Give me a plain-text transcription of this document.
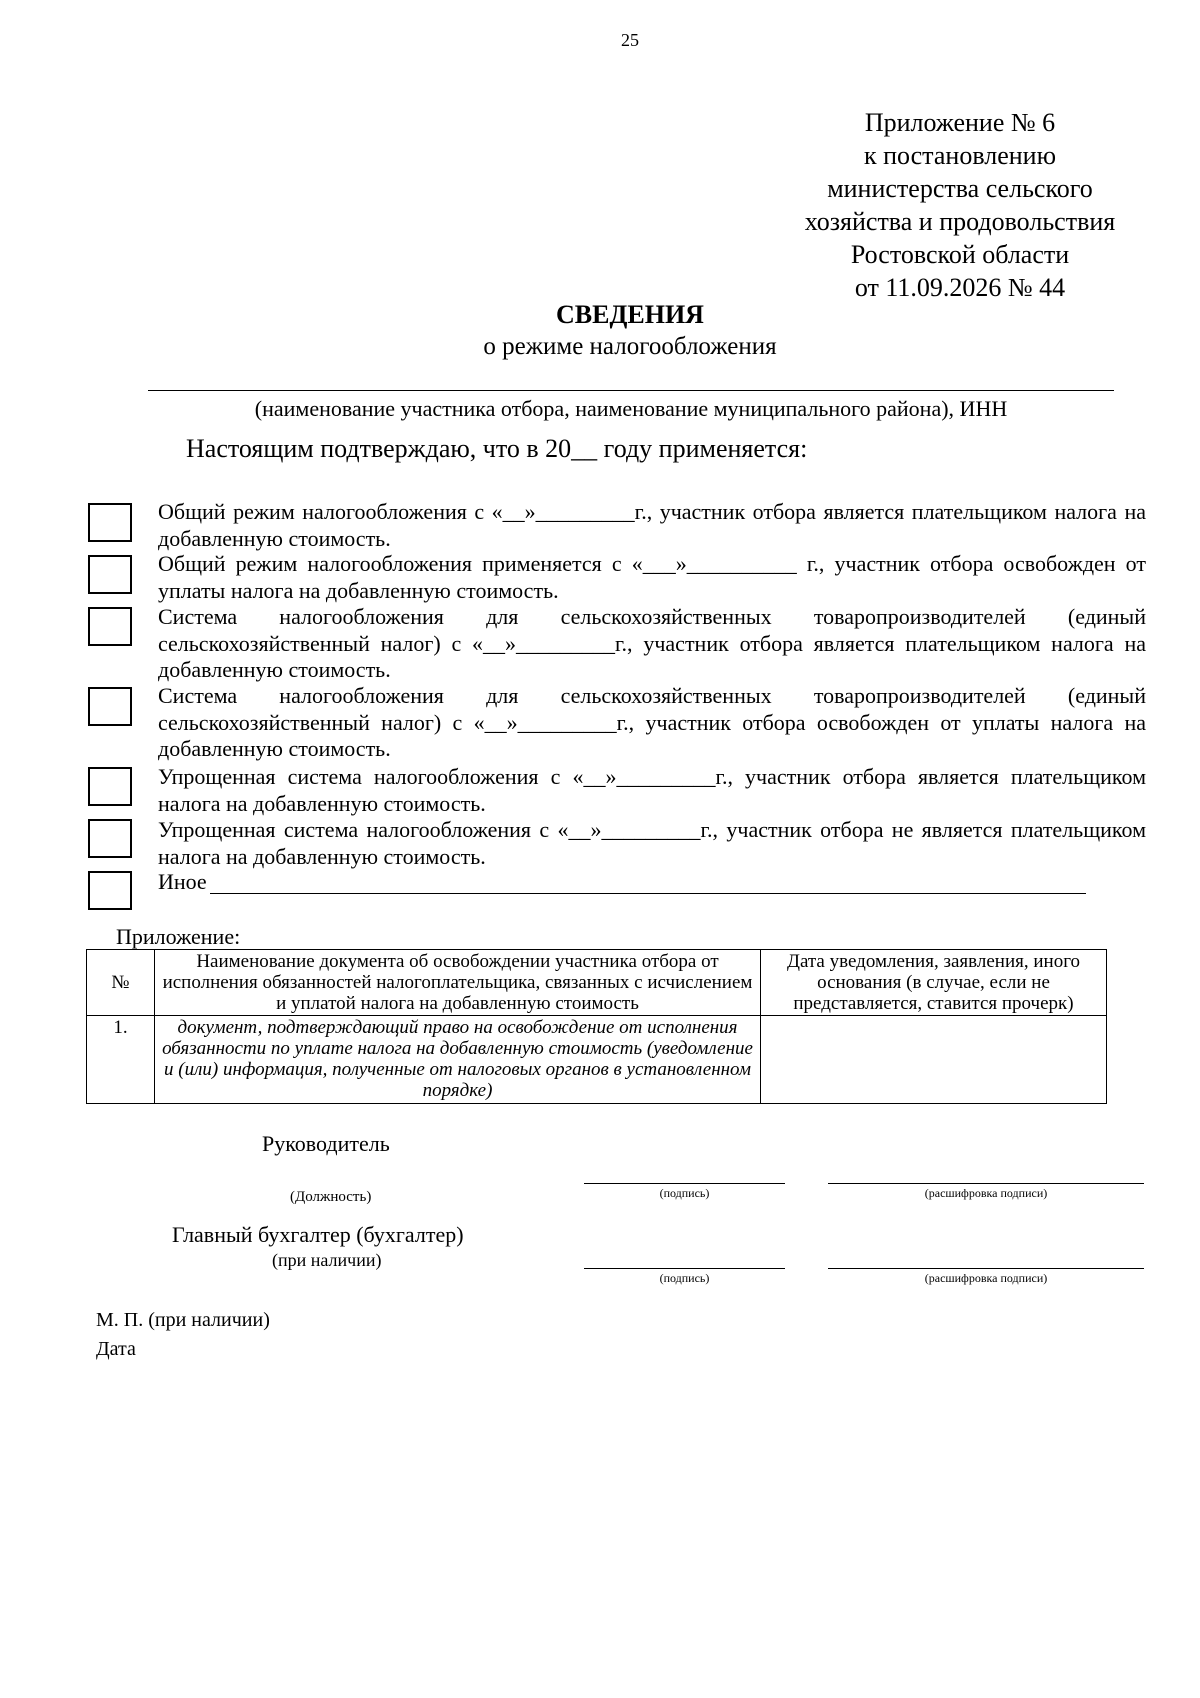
25
Приложение № 6
к постановлению
министерства сельского
хозяйства и продовольствия
Ростовской области
от 11.09.2026 № 44
СВЕДЕНИЯ
о режиме налогообложения
(наименование участника отбора, наименование муниципального района), ИНН
Настоящим подтверждаю, что в 20__ году применяется:
Общий режим налогообложения с «__»_________г., участник отбора является плательщиком налога на добавленную стоимость.
Общий режим налогообложения применяется с «___»__________ г., участник отбора освобожден от уплаты налога на добавленную стоимость.
Система налогообложения для сельскохозяйственных товаропроизводителей (единый сельскохозяйственный налог) с «__»_________г., участник отбора является плательщиком налога на добавленную стоимость.
Система налогообложения для сельскохозяйственных товаропроизводителей (единый сельскохозяйственный налог) с «__»_________г., участник отбора освобожден от уплаты налога на добавленную стоимость.
Упрощенная система налогообложения с «__»_________г., участник отбора является плательщиком налога на добавленную стоимость.
Упрощенная система налогообложения с «__»_________г., участник отбора не является плательщиком налога на добавленную стоимость.
Иное
Приложение:
№	Наименование документа об освобождении участника отбора от исполнения обязанностей налогоплательщика, связанных с исчислением и уплатой налога на добавленную стоимость	Дата уведомления, заявления, иного основания (в случае, если не представляется, ставится прочерк)
1.	документ, подтверждающий право на освобождение от исполнения обязанности по уплате налога на добавленную стоимость (уведомление и (или) информация, полученные от налоговых органов в установленном порядке)	
Руководитель
(подпись)	(расшифровка подписи)
(Должность)
Главный бухгалтер (бухгалтер)
(при наличии)
(подпись)	(расшифровка подписи)
М. П. (при наличии)
Дата
